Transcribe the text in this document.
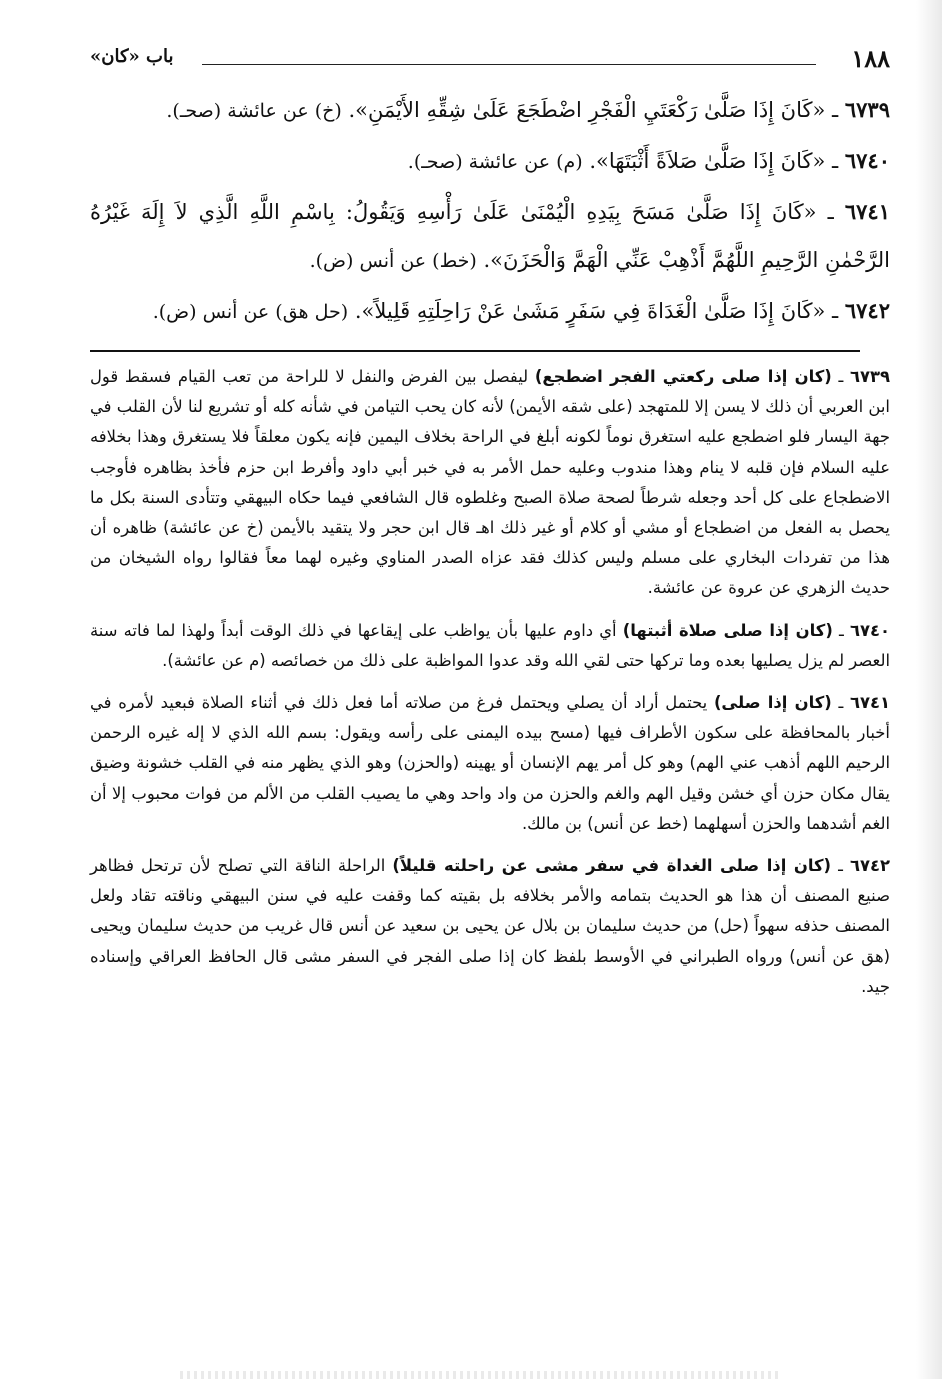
١٨٨
باب «كان»

٦٧٣٩ ـ «كَانَ إِذَا صَلَّىٰ رَكْعَتَيِ الْفَجْرِ اضْطَجَعَ عَلَىٰ شِقِّهِ الأَيْمَنِ». (خ) عن عائشة (صحـ).

٦٧٤٠ ـ «كَانَ إِذَا صَلَّىٰ صَلاَةً أَثْبَتَهَا». (م) عن عائشة (صحـ).

٦٧٤١ ـ «كَانَ إِذَا صَلَّىٰ مَسَحَ بِيَدِهِ الْيُمْنَىٰ عَلَىٰ رَأْسِهِ وَيَقُولُ: بِاسْمِ اللَّهِ الَّذِي لاَ إِلَهَ غَيْرُهُ الرَّحْمٰنِ الرَّحِيمِ اللَّهُمَّ أَذْهِبْ عَنِّي الْهَمَّ وَالْحَزَنَ». (خط) عن أنس (ض).

٦٧٤٢ ـ «كَانَ إِذَا صَلَّىٰ الْغَدَاةَ فِي سَفَرٍ مَشَىٰ عَنْ رَاحِلَتِهِ قَلِيلاً». (حل هق) عن أنس (ض).

٦٧٣٩ ـ (كان إذا صلى ركعتي الفجر اضطجع) ليفصل بين الفرض والنفل لا للراحة من تعب القيام فسقط قول ابن العربي أن ذلك لا يسن إلا للمتهجد (على شقه الأيمن) لأنه كان يحب التيامن في شأنه كله أو تشريع لنا لأن القلب في جهة اليسار فلو اضطجع عليه استغرق نوماً لكونه أبلغ في الراحة بخلاف اليمين فإنه يكون معلقاً فلا يستغرق وهذا بخلافه عليه السلام فإن قلبه لا ينام وهذا مندوب وعليه حمل الأمر به في خبر أبي داود وأفرط ابن حزم فأخذ بظاهره فأوجب الاضطجاع على كل أحد وجعله شرطاً لصحة صلاة الصبح وغلطوه قال الشافعي فيما حكاه البيهقي وتتأدى السنة بكل ما يحصل به الفعل من اضطجاع أو مشي أو كلام أو غير ذلك اهـ قال ابن حجر ولا يتقيد بالأيمن (خ عن عائشة) ظاهره أن هذا من تفردات البخاري على مسلم وليس كذلك فقد عزاه الصدر المناوي وغيره لهما معاً فقالوا رواه الشيخان من حديث الزهري عن عروة عن عائشة.

٦٧٤٠ ـ (كان إذا صلى صلاة أثبتها) أي داوم عليها بأن يواظب على إيقاعها في ذلك الوقت أبداً ولهذا لما فاته سنة العصر لم يزل يصليها بعده وما تركها حتى لقي الله وقد عدوا المواظبة على ذلك من خصائصه (م عن عائشة).

٦٧٤١ ـ (كان إذا صلى) يحتمل أراد أن يصلي ويحتمل فرغ من صلاته أما فعل ذلك في أثناء الصلاة فبعيد لأمره في أخبار بالمحافظة على سكون الأطراف فيها (مسح بيده اليمنى على رأسه ويقول: بسم الله الذي لا إله غيره الرحمن الرحيم اللهم أذهب عني الهم) وهو كل أمر يهم الإنسان أو يهينه (والحزن) وهو الذي يظهر منه في القلب خشونة وضيق يقال مكان حزن أي خشن وقيل الهم والغم والحزن من واد واحد وهي ما يصيب القلب من الألم من فوات محبوب إلا أن الغم أشدهما والحزن أسهلهما (خط عن أنس) بن مالك.

٦٧٤٢ ـ (كان إذا صلى الغداة في سفر مشى عن راحلته قليلاً) الراحلة الناقة التي تصلح لأن ترتحل فظاهر صنيع المصنف أن هذا هو الحديث بتمامه والأمر بخلافه بل بقيته كما وقفت عليه في سنن البيهقي وناقته تقاد ولعل المصنف حذفه سهواً (حل) من حديث سليمان بن بلال عن يحيى بن سعيد عن أنس قال غريب من حديث سليمان ويحيى (هق عن أنس) ورواه الطبراني في الأوسط بلفظ كان إذا صلى الفجر في السفر مشى قال الحافظ العراقي وإسناده جيد.
